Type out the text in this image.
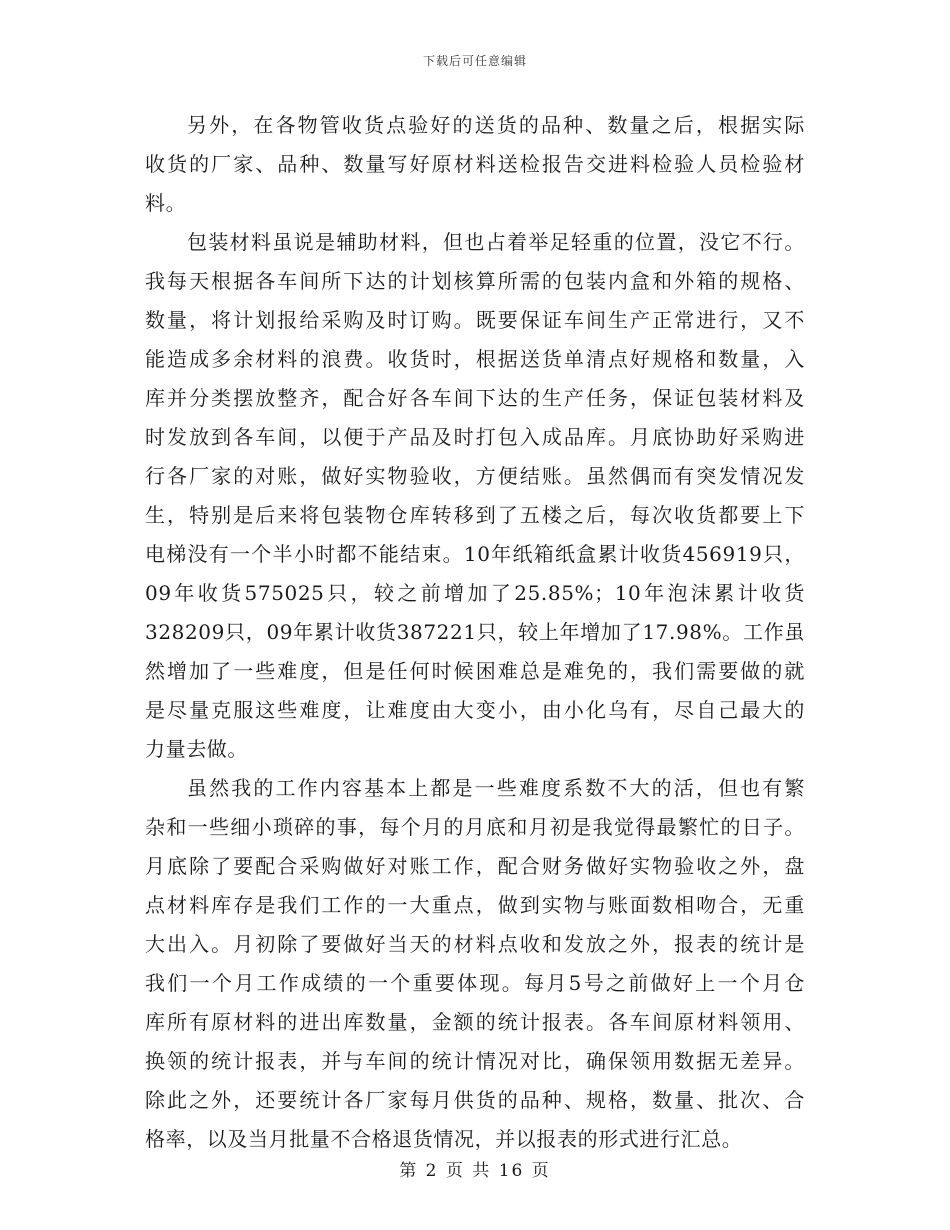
下载后可任意编辑
另外，在各物管收货点验好的送货的品种、数量之后，根据实际
收货的厂家、品种、数量写好原材料送检报告交进料检验人员检验材
料。
包装材料虽说是辅助材料，但也占着举足轻重的位置，没它不行。
我每天根据各车间所下达的计划核算所需的包装内盒和外箱的规格、
数量，将计划报给采购及时订购。既要保证车间生产正常进行，又不
能造成多余材料的浪费。收货时，根据送货单清点好规格和数量，入
库并分类摆放整齐，配合好各车间下达的生产任务，保证包装材料及
时发放到各车间，以便于产品及时打包入成品库。月底协助好采购进
行各厂家的对账，做好实物验收，方便结账。虽然偶而有突发情况发
生，特别是后来将包装物仓库转移到了五楼之后，每次收货都要上下
电梯没有一个半小时都不能结束。10年纸箱纸盒累计收货456919只，
09年收货575025只，较之前增加了25.85%；10年泡沫累计收货
328209只，09年累计收货387221只，较上年增加了17.98%。工作虽
然增加了一些难度，但是任何时候困难总是难免的，我们需要做的就
是尽量克服这些难度，让难度由大变小，由小化乌有，尽自己最大的
力量去做。
虽然我的工作内容基本上都是一些难度系数不大的活，但也有繁
杂和一些细小琐碎的事，每个月的月底和月初是我觉得最繁忙的日子。
月底除了要配合采购做好对账工作，配合财务做好实物验收之外，盘
点材料库存是我们工作的一大重点，做到实物与账面数相吻合，无重
大出入。月初除了要做好当天的材料点收和发放之外，报表的统计是
我们一个月工作成绩的一个重要体现。每月5号之前做好上一个月仓
库所有原材料的进出库数量，金额的统计报表。各车间原材料领用、
换领的统计报表，并与车间的统计情况对比，确保领用数据无差异。
除此之外，还要统计各厂家每月供货的品种、规格，数量、批次、合
格率，以及当月批量不合格退货情况，并以报表的形式进行汇总。
第 2 页 共 16 页
